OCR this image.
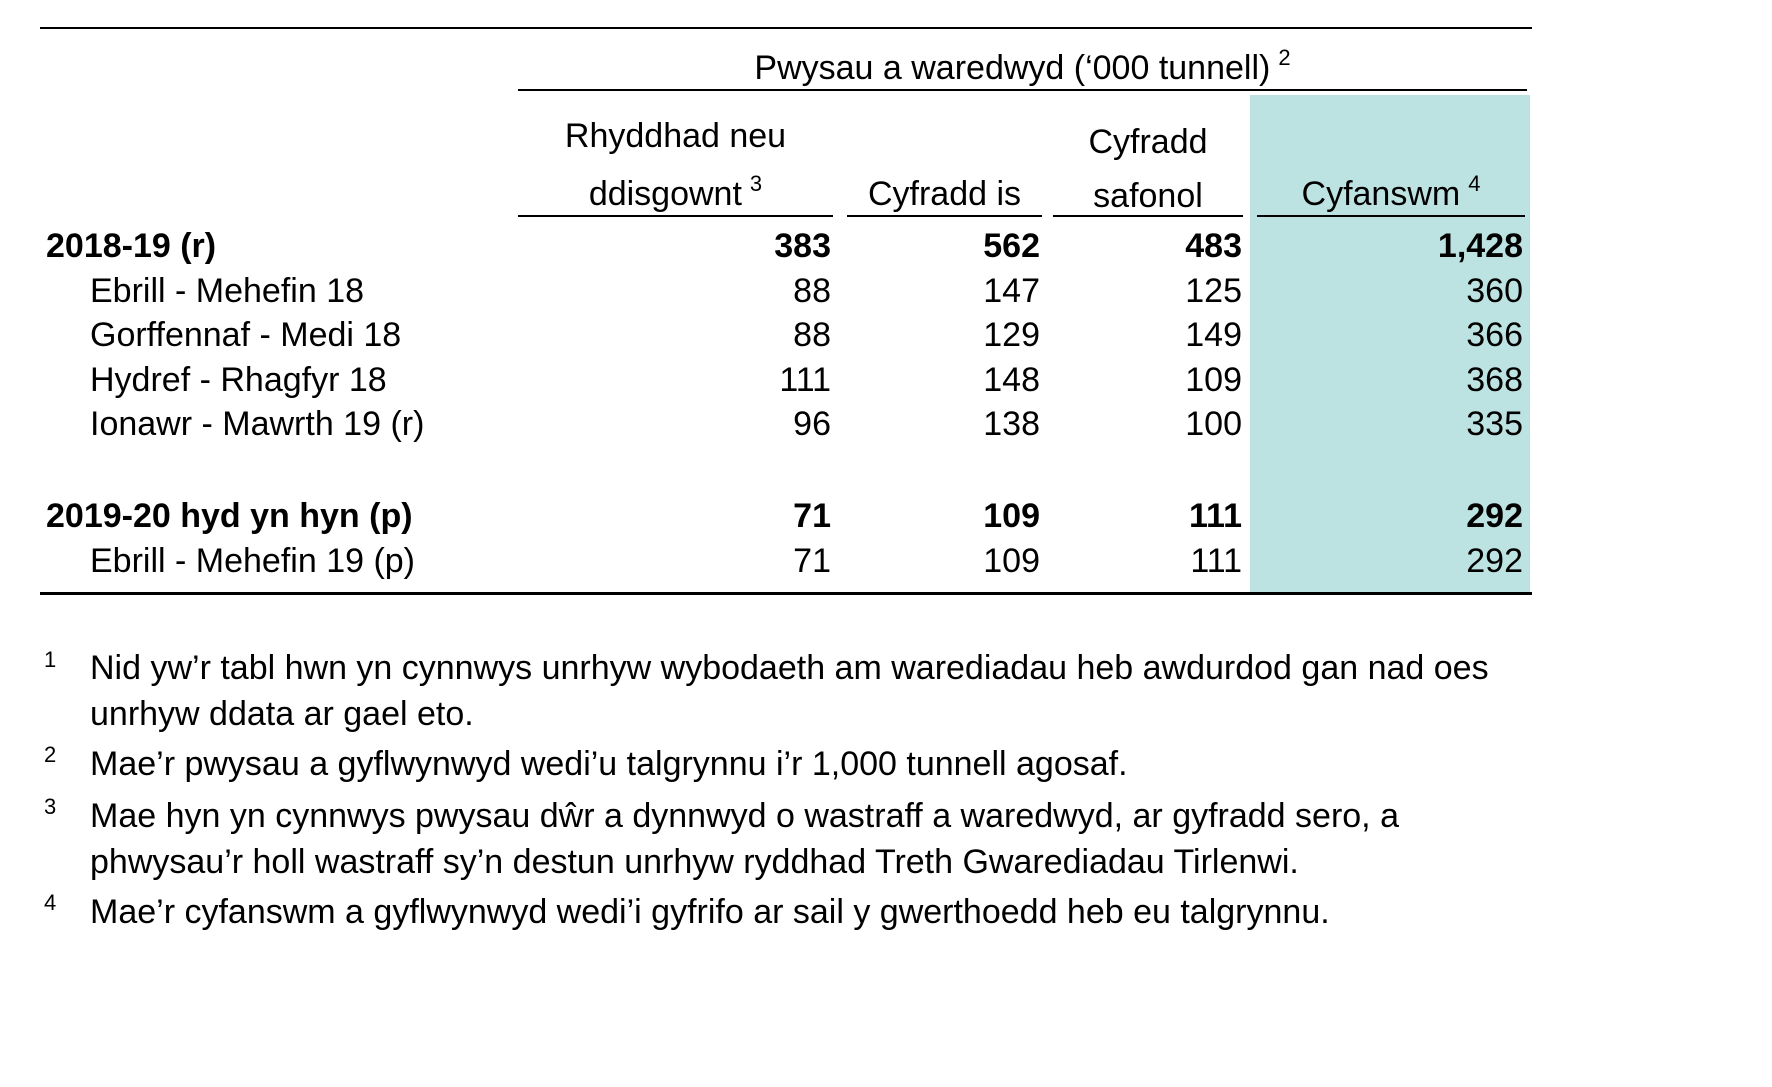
Pwysau a waredwyd (‘000 tunnell) $^2$
Rhyddhad neu
ddisgownt $^3$	Cyfradd is
Cyfradd
safonol	Cyfanswm $^4$
2018-19 (r)	383	562	483	1,428
Ebrill - Mehefin 18	88	147	125	360
Gorffennaf - Medi 18	88	129	149	366
Hydref - Rhagfyr 18	111	148	109	368
Ionawr - Mawrth 19 (r)	96	138	100	335
2019-20 hyd yn hyn (p)	71	109	111	292
Ebrill - Mehefin 19 (p)	71	109	111	292
1 Nid yw’r tabl hwn yn cynnwys unrhyw wybodaeth am warediadau heb awdurdod gan nad oes unrhyw ddata ar gael eto.
2 Mae’r pwysau a gyflwynwyd wedi’u talgrynnu i’r 1,000 tunnell agosaf.
3 Mae hyn yn cynnwys pwysau dŵr a dynnwyd o wastraff a waredwyd, ar gyfradd sero, a phwysau’r holl wastraff sy’n destun unrhyw ryddhad Treth Gwarediadau Tirlenwi.
4 Mae’r cyfanswm a gyflwynwyd wedi’i gyfrifo ar sail y gwerthoedd heb eu talgrynnu.
